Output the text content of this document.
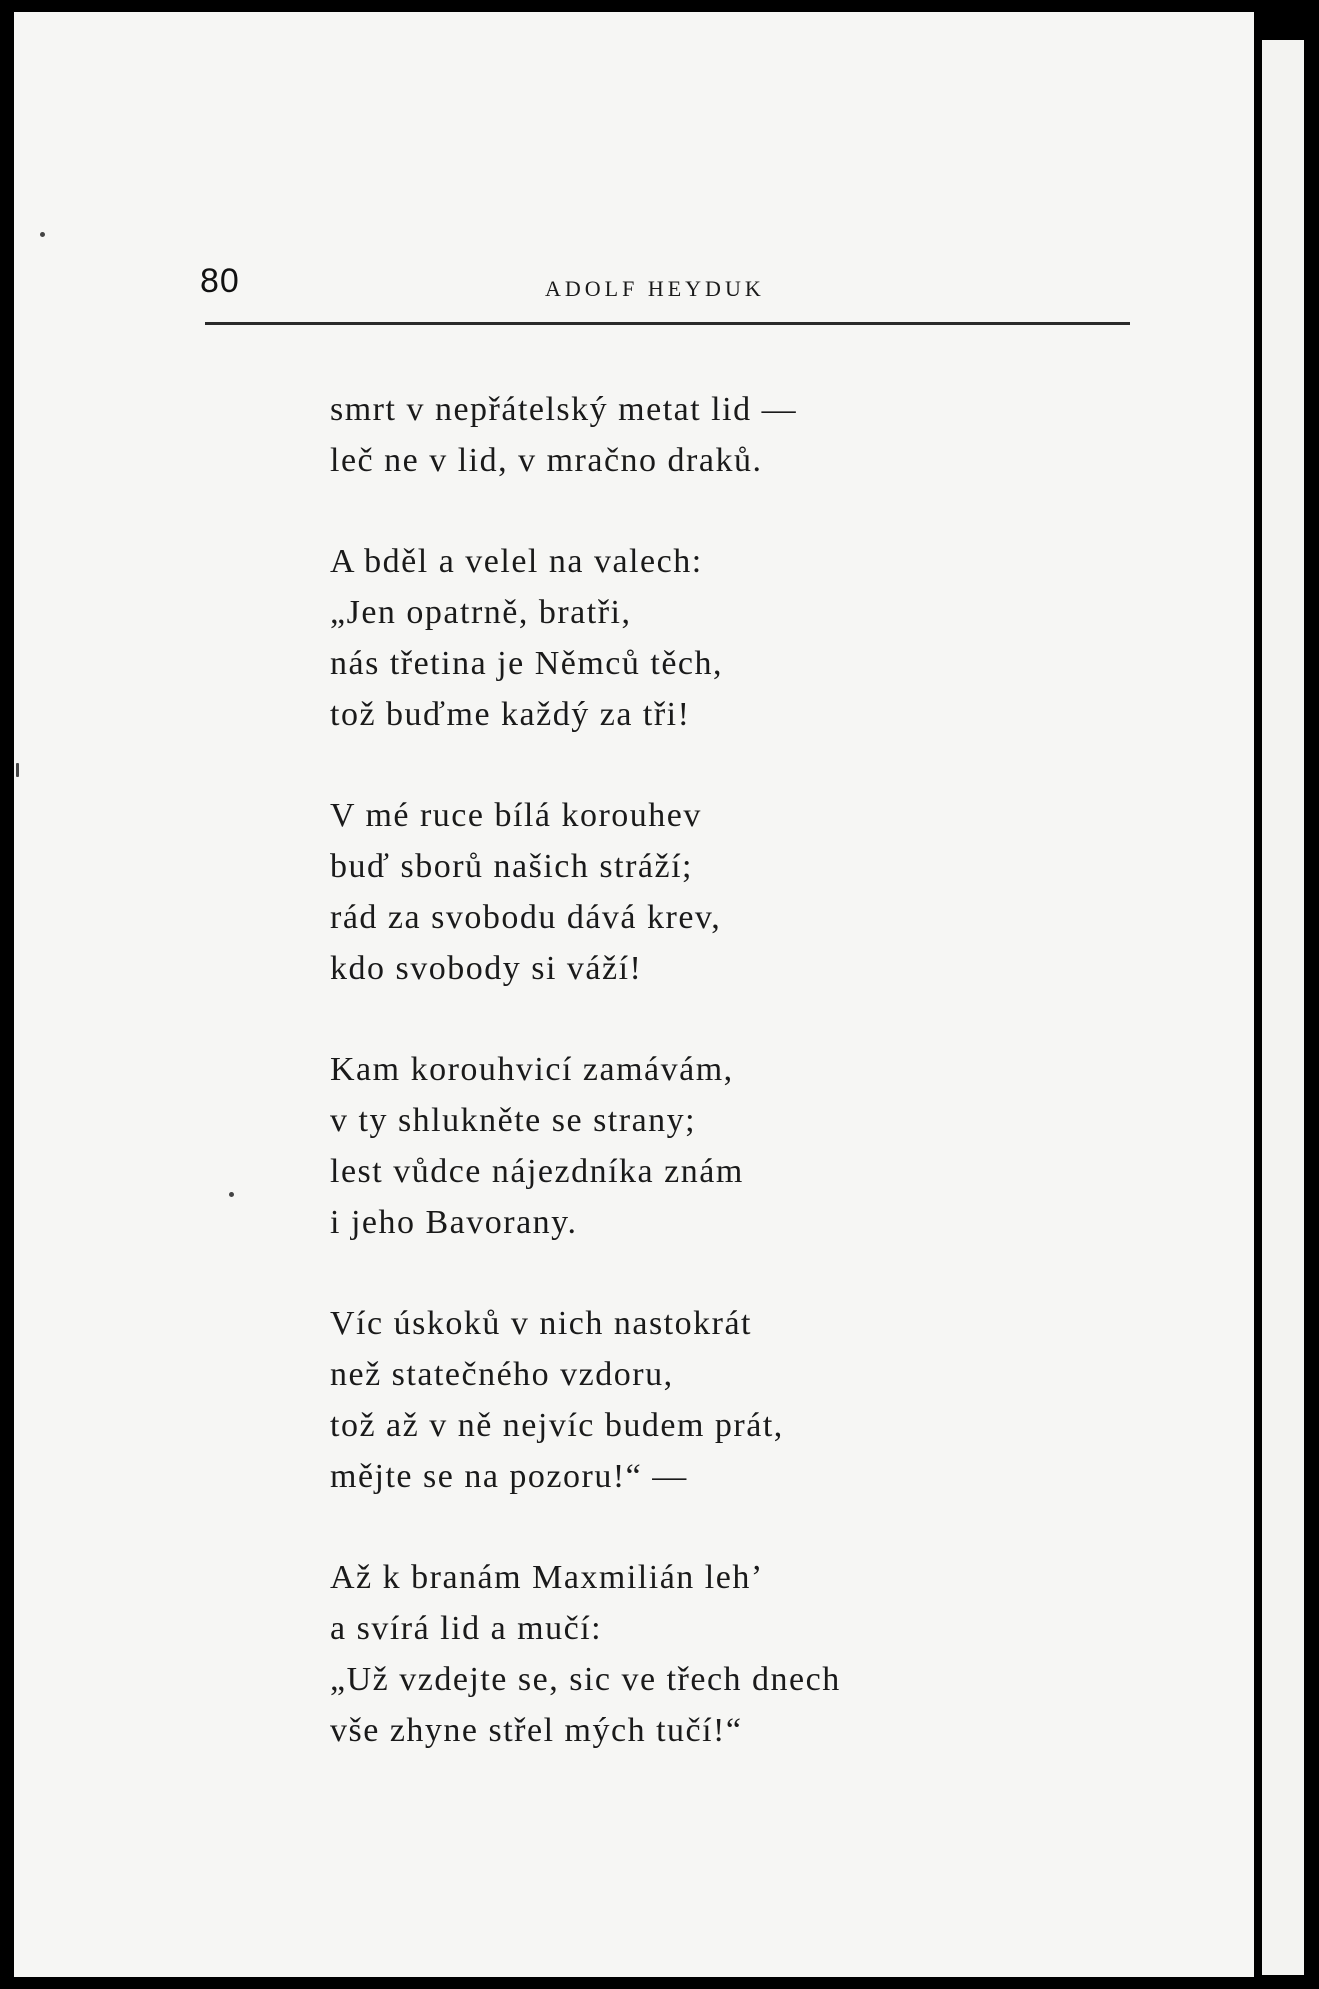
80	ADOLF HEYDUK
smrt v nepřátelský metat lid —
leč ne v lid, v mračno draků.
A bděl a velel na valech:
„Jen opatrně, bratři,
nás třetina je Němců těch,
tož buďme každý za tři!
V mé ruce bílá korouhev
buď sborů našich stráží;
rád za svobodu dává krev,
kdo svobody si váží!
Kam korouhvicí zamávám,
v ty shlukněte se strany;
lest vůdce nájezdníka znám
i jeho Bavorany.
Víc úskoků v nich nastokrát
než statečného vzdoru,
tož až v ně nejvíc budem prát,
mějte se na pozoru!“ —
Až k branám Maxmilián leh’
a svírá lid a mučí:
„Už vzdejte se, sic ve třech dnech
vše zhyne střel mých tučí!“
